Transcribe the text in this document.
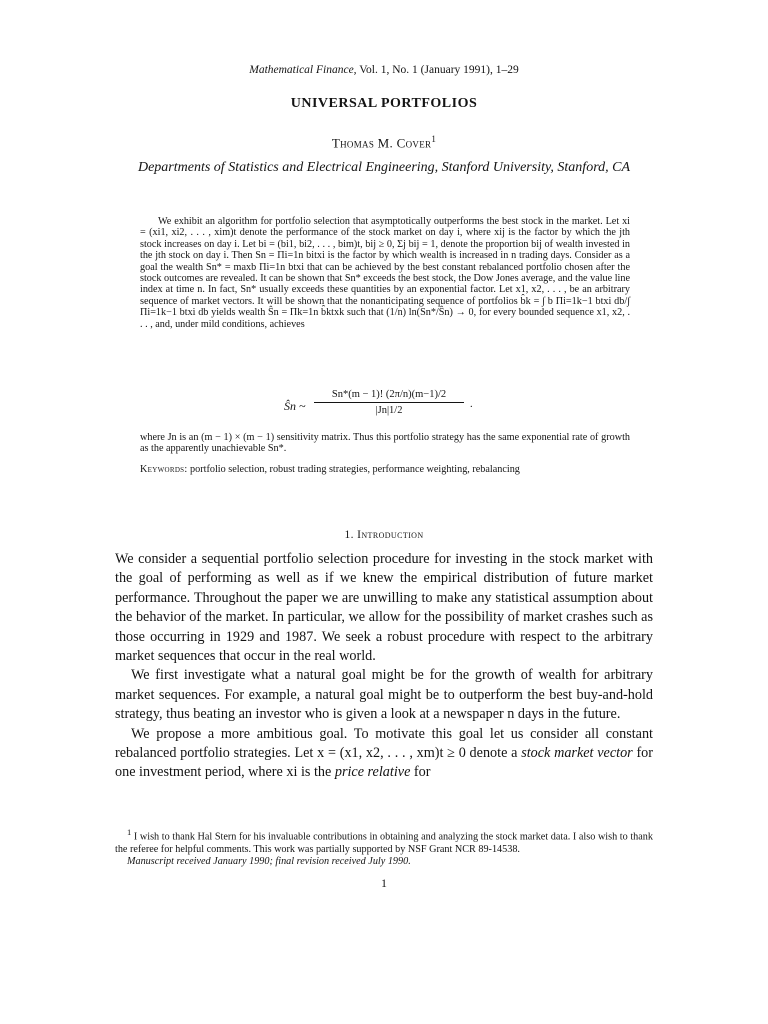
Mathematical Finance, Vol. 1, No. 1 (January 1991), 1–29
UNIVERSAL PORTFOLIOS
Thomas M. Cover$^1$
Departments of Statistics and Electrical Engineering, Stanford University, Stanford, CA

We exhibit an algorithm for portfolio selection that asymptotically outperforms the best stock in the market. Let xi = (xi1, xi2, . . . , xim)t denote the performance of the stock market on day i, where xij is the factor by which the jth stock increases on day i. Let bi = (bi1, bi2, . . . , bim)t, bij ≥ 0, Σj bij = 1, denote the proportion bij of wealth invested in the jth stock on day i. Then Sn = Πi=1n bitxi is the factor by which wealth is increased in n trading days. Consider as a goal the wealth Sn* = maxb Πi=1n btxi that can be achieved by the best constant rebalanced portfolio chosen after the stock outcomes are revealed. It can be shown that Sn* exceeds the best stock, the Dow Jones average, and the value line index at time n. In fact, Sn* usually exceeds these quantities by an exponential factor. Let x1, x2, . . . , be an arbitrary sequence of market vectors. It will be shown that the nonanticipating sequence of portfolios b̂k = ∫ b Πi=1k−1 btxi db/∫ Πi=1k−1 btxi db yields wealth Ŝn = Πk=1n b̂ktxk such that (1/n) ln(Sn*/Ŝn) → 0, for every bounded sequence x1, x2, . . . , and, under mild conditions, achieves

Ŝn ~ $\frac{Sn*(m - 1)! (2\pi/n)(m-1)/2}{|Jn|1/2}$ .

where Jn is an (m − 1) × (m − 1) sensitivity matrix. Thus this portfolio strategy has the same exponential rate of growth as the apparently unachievable Sn*.

Keywords: portfolio selection, robust trading strategies, performance weighting, rebalancing
1. Introduction

We consider a sequential portfolio selection procedure for investing in the stock market with the goal of performing as well as if we knew the empirical distribution of future market performance. Throughout the paper we are unwilling to make any statistical assumption about the behavior of the market. In particular, we allow for the possibility of market crashes such as those occurring in 1929 and 1987. We seek a robust procedure with respect to the arbitrary market sequences that occur in the real world.

We first investigate what a natural goal might be for the growth of wealth for arbitrary market sequences. For example, a natural goal might be to outperform the best buy-and-hold strategy, thus beating an investor who is given a look at a newspaper n days in the future.

We propose a more ambitious goal. To motivate this goal let us consider all constant rebalanced portfolio strategies. Let x = (x1, x2, . . . , xm)t ≥ 0 denote a stock market vector for one investment period, where xi is the price relative for

$^1$ I wish to thank Hal Stern for his invaluable contributions in obtaining and analyzing the stock market data. I also wish to thank the referee for helpful comments. This work was partially supported by NSF Grant NCR 89-14538.

Manuscript received January 1990; final revision received July 1990.

1
